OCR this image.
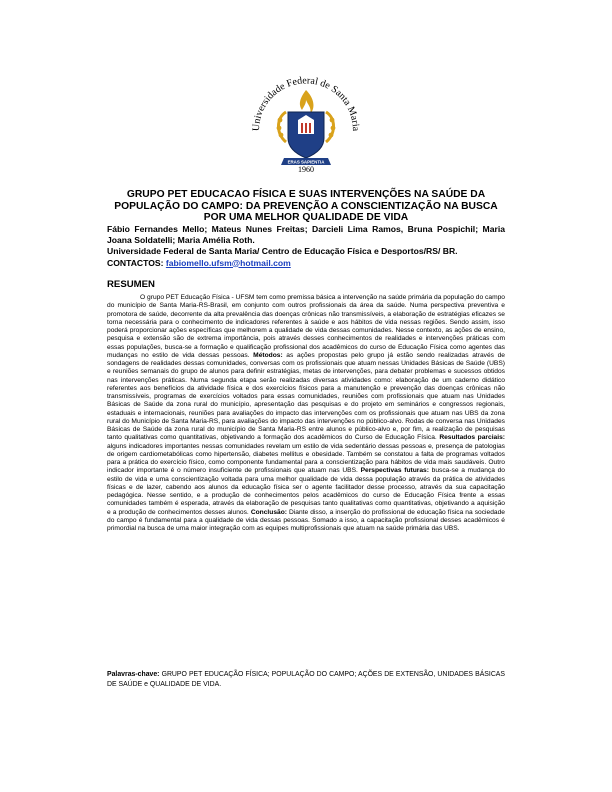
Universidade Federal de Santa Maria
ERAS SAPIENTIA
1960
GRUPO PET EDUCACAO FÍSICA E SUAS INTERVENÇÕES NA SAÚDE DA
POPULAÇÃO DO CAMPO: DA PREVENÇÃO A CONSCIENTIZAÇÃO NA BUSCA
POR UMA MELHOR QUALIDADE DE VIDA

Fábio Fernandes Mello; Mateus Nunes Freitas; Darcieli Lima Ramos, Bruna Pospichil; Maria Joana Soldatelli; Maria Amélia Roth.

Universidade Federal de Santa Maria/ Centro de Educação Física e Desportos/RS/ BR.

CONTACTOS: fabiomello.ufsm@hotmail.com

RESUMEN

O grupo PET Educação Física - UFSM tem como premissa básica a intervenção na saúde primária da população do campo do município de Santa Maria-RS-Brasil, em conjunto com outros profissionais da área da saúde. Numa perspectiva preventiva e promotora de saúde, decorrente da alta prevalência das doenças crônicas não transmissíveis, a elaboração de estratégias eficazes se torna necessária para o conhecimento de indicadores referentes à saúde e aos hábitos de vida nessas regiões. Sendo assim, isso poderá proporcionar ações específicas que melhorem a qualidade de vida dessas comunidades. Nesse contexto, as ações de ensino, pesquisa e extensão são de extrema importância, pois através desses conhecimentos de realidades e intervenções práticas com essas populações, busca-se a formação e qualificação profissional dos acadêmicos do curso de Educação Física como agentes das mudanças no estilo de vida dessas pessoas. Métodos: as ações propostas pelo grupo já estão sendo realizadas através de sondagens de realidades dessas comunidades, conversas com os profissionais que atuam nessas Unidades Básicas de Saúde (UBS) e reuniões semanais do grupo de alunos para definir estratégias, metas de intervenções, para debater problemas e sucessos obtidos nas intervenções práticas. Numa segunda etapa serão realizadas diversas atividades como: elaboração de um caderno didático referentes aos benefícios da atividade física e dos exercícios físicos para a manutenção e prevenção das doenças crônicas não transmissíveis, programas de exercícios voltados para essas comunidades, reuniões com profissionais que atuam nas Unidades Básicas de Saúde da zona rural do município, apresentação das pesquisas e do projeto em seminários e congressos regionais, estaduais e internacionais, reuniões para avaliações do impacto das intervenções com os profissionais que atuam nas UBS da zona rural do Município de Santa Maria-RS, para avaliações do impacto das intervenções no público-alvo. Rodas de conversa nas Unidades Básicas de Saúde da zona rural do município de Santa Maria-RS entre alunos e público-alvo e, por fim, a realização de pesquisas tanto qualitativas como quantitativas, objetivando a formação dos acadêmicos do Curso de Educação Física. Resultados parciais: alguns indicadores importantes nessas comunidades revelam um estilo de vida sedentário dessas pessoas e, presença de patologias de origem cardiometabólicas como hipertensão, diabetes mellitus e obesidade. Também se constatou a falta de programas voltados para a prática do exercício físico, como componente fundamental para a conscientização para hábitos de vida mais saudáveis. Outro indicador importante é o número insuficiente de profissionais que atuam nas UBS. Perspectivas futuras: busca-se a mudança do estilo de vida e uma conscientização voltada para uma melhor qualidade de vida dessa população através da prática de atividades físicas e de lazer, cabendo aos alunos da educação física ser o agente facilitador desse processo, através da sua capacitação pedagógica. Nesse sentido, e a produção de conhecimentos pelos acadêmicos do curso de Educação Física frente a essas comunidades também é esperada, através da elaboração de pesquisas tanto qualitativas como quantitativas, objetivando a aquisição e a produção de conhecimentos desses alunos. Conclusão: Diante disso, a inserção do profissional de educação física na sociedade do campo é fundamental para a qualidade de vida dessas pessoas. Somado a isso, a capacitação profissional desses acadêmicos é primordial na busca de uma maior integração com as equipes multiprofissionais que atuam na saúde primária das UBS.

Palavras-chave: GRUPO PET EDUCAÇÃO FÍSICA; POPULAÇÃO DO CAMPO; AÇÕES DE EXTENSÃO, UNIDADES BÁSICAS DE SAÚDE e QUALIDADE DE VIDA.
